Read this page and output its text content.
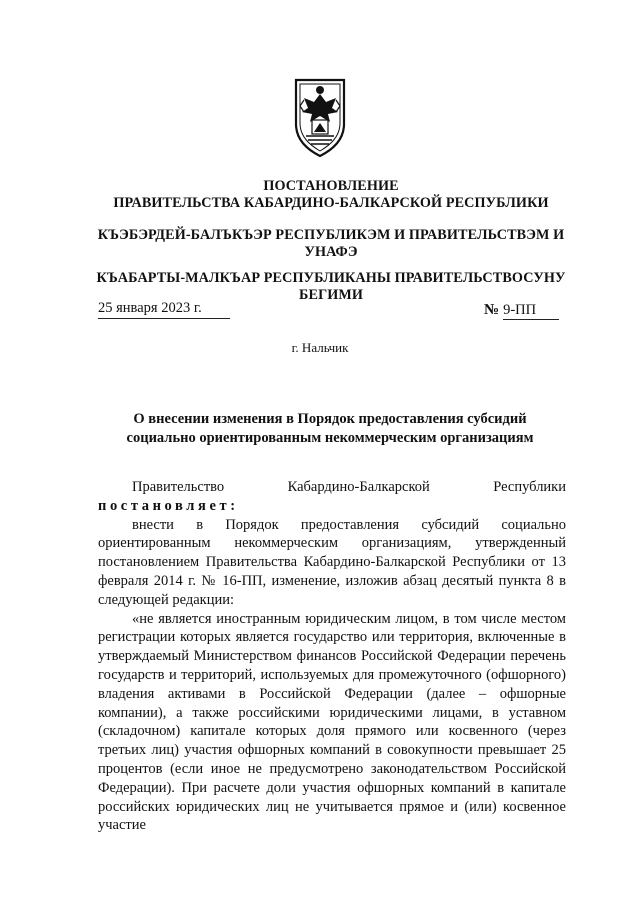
ПОСТАНОВЛЕНИЕ
ПРАВИТЕЛЬСТВА КАБАРДИНО-БАЛКАРСКОЙ РЕСПУБЛИКИ
КЪЭБЭРДЕЙ-БАЛЪКЪЭР РЕСПУБЛИКЭМ И ПРАВИТЕЛЬСТВЭМ И УНАФЭ
КЪАБАРТЫ-МАЛКЪАР РЕСПУБЛИКАНЫ ПРАВИТЕЛЬСТВОСУНУ БЕГИМИ
25 января 2023 г.	№ 9-ПП
г. Нальчик
О внесении изменения в Порядок предоставления субсидий социально ориентированным некоммерческим организациям

Правительство	Кабардино-Балкарской	Республики

постановляет:

внести в Порядок предоставления субсидий социально ориентированным некоммерческим организациям, утвержденный постановлением Правительства Кабардино-Балкарской Республики от 13 февраля 2014 г. № 16-ПП, изменение, изложив абзац десятый пункта 8 в следующей редакции:

«не является иностранным юридическим лицом, в том числе местом регистрации которых является государство или территория, включенные в утверждаемый Министерством финансов Российской Федерации перечень государств и территорий, используемых для промежуточного (офшорного) владения активами в Российской Федерации (далее – офшорные компании), а также российскими юридическими лицами, в уставном (складочном) капитале которых доля прямого или косвенного (через третьих лиц) участия офшорных компаний в совокупности превышает 25 процентов (если иное не предусмотрено законодательством Российской Федерации). При расчете доли участия офшорных компаний в капитале российских юридических лиц не учитывается прямое и (или) косвенное участие
